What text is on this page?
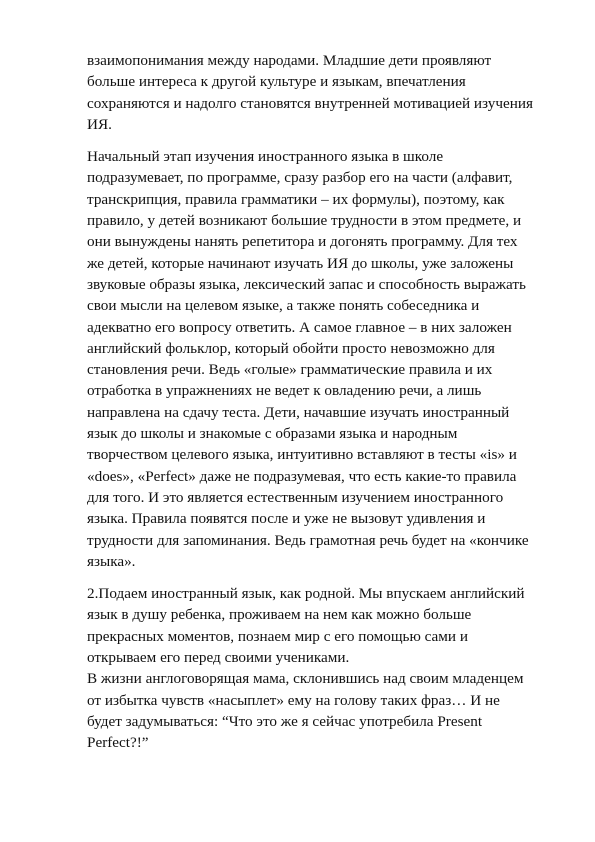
взаимопонимания между народами. Младшие дети проявляют
больше интереса к другой культуре и языкам, впечатления
сохраняются и надолго становятся внутренней мотивацией изучения
ИЯ.
Начальный этап изучения иностранного языка в школе
подразумевает, по программе, сразу разбор его на части (алфавит,
транскрипция, правила грамматики – их формулы), поэтому, как
правило, у детей возникают большие трудности в этом предмете, и
они вынуждены нанять репетитора и догонять программу. Для тех
же детей, которые начинают изучать ИЯ до школы, уже заложены
звуковые образы языка, лексический запас и способность выражать
свои мысли на целевом языке, а также понять собеседника и
адекватно его вопросу ответить. А самое главное – в них заложен
английский фольклор, который обойти просто невозможно для
становления речи. Ведь «голые» грамматические правила и их
отработка в упражнениях не ведет к овладению речи, а лишь
направлена на сдачу теста. Дети, начавшие изучать иностранный
язык до школы и знакомые с образами языка и народным
творчеством целевого языка, интуитивно вставляют в тесты «is» и
«does», «Perfect» даже не подразумевая, что есть какие-то правила
для того. И это является естественным изучением иностранного
языка. Правила появятся после и уже не вызовут удивления и
трудности для запоминания. Ведь грамотная речь будет на «кончике
языка».
2.Подаем иностранный язык, как родной. Мы впускаем английский
язык в душу ребенка, проживаем на нем как можно больше
прекрасных моментов, познаем мир с его помощью сами и
открываем его перед своими учениками.
В жизни англоговорящая мама, склонившись над своим младенцем
от избытка чувств «насыплет» ему на голову таких фраз… И не
будет задумываться: “Что это же я сейчас употребила Present
Perfect?!”
